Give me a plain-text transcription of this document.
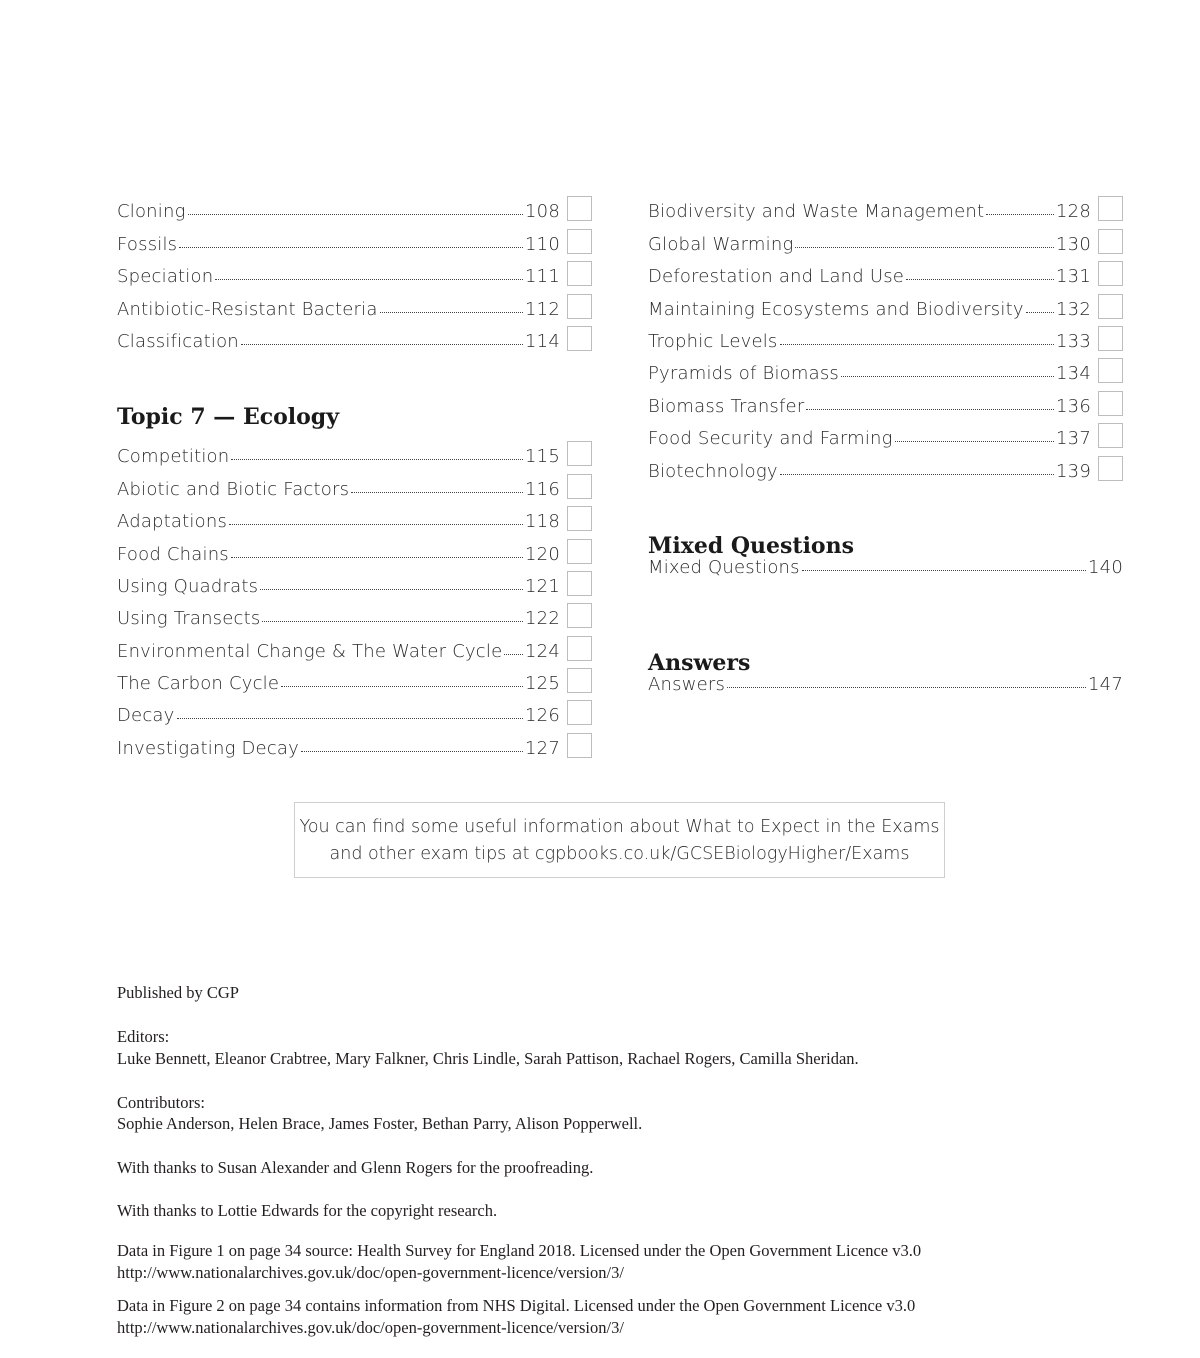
Cloning	108
Fossils	110
Speciation	111
Antibiotic-Resistant Bacteria	112
Classification	114
Topic 7 — Ecology
Competition	115
Abiotic and Biotic Factors	116
Adaptations	118
Food Chains	120
Using Quadrats	121
Using Transects	122
Environmental Change & The Water Cycle 124
The Carbon Cycle	125
Decay	126
Investigating Decay	127
Biodiversity and Waste Management	128
Global Warming	130
Deforestation and Land Use	131
Maintaining Ecosystems and Biodiversity 132
Trophic Levels	133
Pyramids of Biomass	134
Biomass Transfer	136
Food Security and Farming	137
Biotechnology	139
Mixed Questions
Mixed Questions	140
Answers
Answers	147
You can find some useful information about What to Expect in the Exams
and other exam tips at cgpbooks.co.uk/GCSEBiologyHigher/Exams

Published by CGP

Editors:

Luke Bennett, Eleanor Crabtree, Mary Falkner, Chris Lindle, Sarah Pattison, Rachael Rogers, Camilla Sheridan.

Contributors:

Sophie Anderson, Helen Brace, James Foster, Bethan Parry, Alison Popperwell.

With thanks to Susan Alexander and Glenn Rogers for the proofreading.

With thanks to Lottie Edwards for the copyright research.

Data in Figure 1 on page 34 source: Health Survey for England 2018. Licensed under the Open Government Licence v3.0

http://www.nationalarchives.gov.uk/doc/open-government-licence/version/3/

Data in Figure 2 on page 34 contains information from NHS Digital. Licensed under the Open Government Licence v3.0

http://www.nationalarchives.gov.uk/doc/open-government-licence/version/3/
